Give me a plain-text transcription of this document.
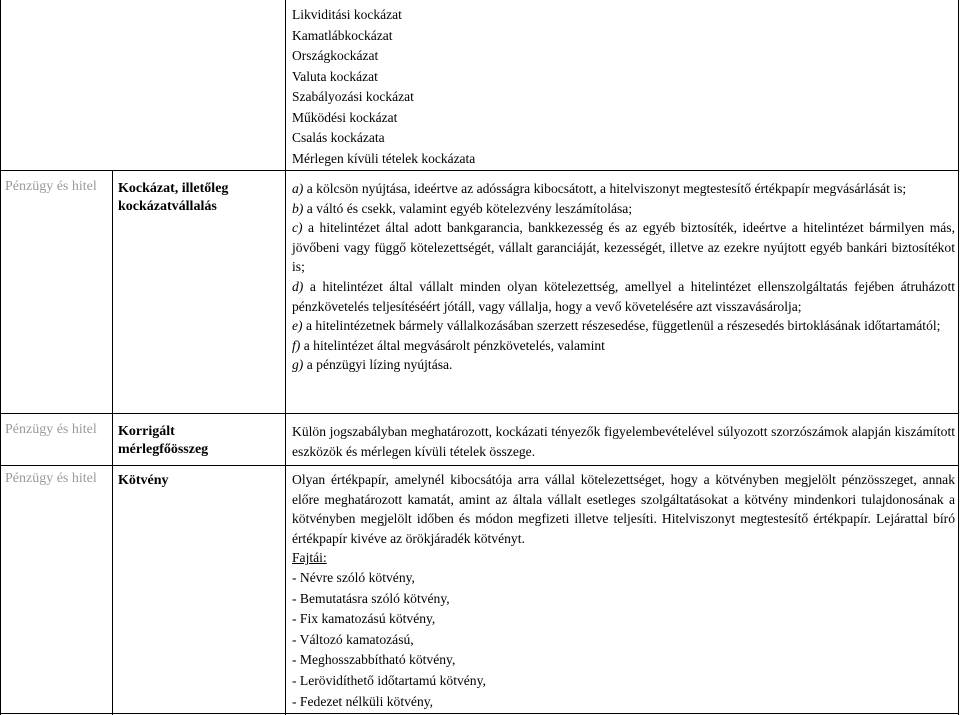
Likviditási kockázat
Kamatlábkockázat
Országkockázat
Valuta kockázat
Szabályozási kockázat
Működési kockázat
Csalás kockázata
Mérlegen kívüli tételek kockázata
Pénzügy és hitel Kockázat, illetőleg kockázatvállalás
a) a kölcsön nyújtása, ideértve az adósságra kibocsátott, a hitelviszonyt megtestesítő értékpapír megvásárlását is;
b) a váltó és csekk, valamint egyéb kötelezvény leszámítolása;
c) a hitelintézet által adott bankgarancia, bankkezesség és az egyéb biztosíték, ideértve a hitelintézet bármilyen más, jövőbeni vagy függő kötelezettségét, vállalt garanciáját, kezességét, illetve az ezekre nyújtott egyéb bankári biztosítékot is;
d) a hitelintézet által vállalt minden olyan kötelezettség, amellyel a hitelintézet ellenszolgáltatás fejében átruházott pénzkövetelés teljesítéséért jótáll, vagy vállalja, hogy a vevő követelésére azt visszavásárolja;
e) a hitelintézetnek bármely vállalkozásában szerzett részesedése, függetlenül a részesedés birtoklásának időtartamától;
f) a hitelintézet által megvásárolt pénzkövetelés, valamint
g) a pénzügyi lízing nyújtása.
Pénzügy és hitel Korrigált mérlegfőösszeg
Külön jogszabályban meghatározott, kockázati tényezők figyelembevételével súlyozott szorzószámok alapján kiszámított eszközök és mérlegen kívüli tételek összege.
Pénzügy és hitel Kötvény	Olyan értékpapír, amelynél kibocsátója arra vállal kötelezettséget, hogy a kötvényben megjelölt pénzösszeget, annak előre meghatározott kamatát, amint az általa vállalt esetleges szolgáltatásokat a kötvény mindenkori tulajdonosának a kötvényben megjelölt időben és módon megfizeti illetve teljesíti. Hitelviszonyt megtestesítő értékpapír. Lejárattal bíró értékpapír kivéve az örökjáradék kötvényt.
Fajtái:
- Névre szóló kötvény,
- Bemutatásra szóló kötvény,
- Fix kamatozású kötvény,
- Változó kamatozású,
- Meghosszabbítható kötvény,
- Lerövidíthető időtartamú kötvény,
- Fedezet nélküli kötvény,
